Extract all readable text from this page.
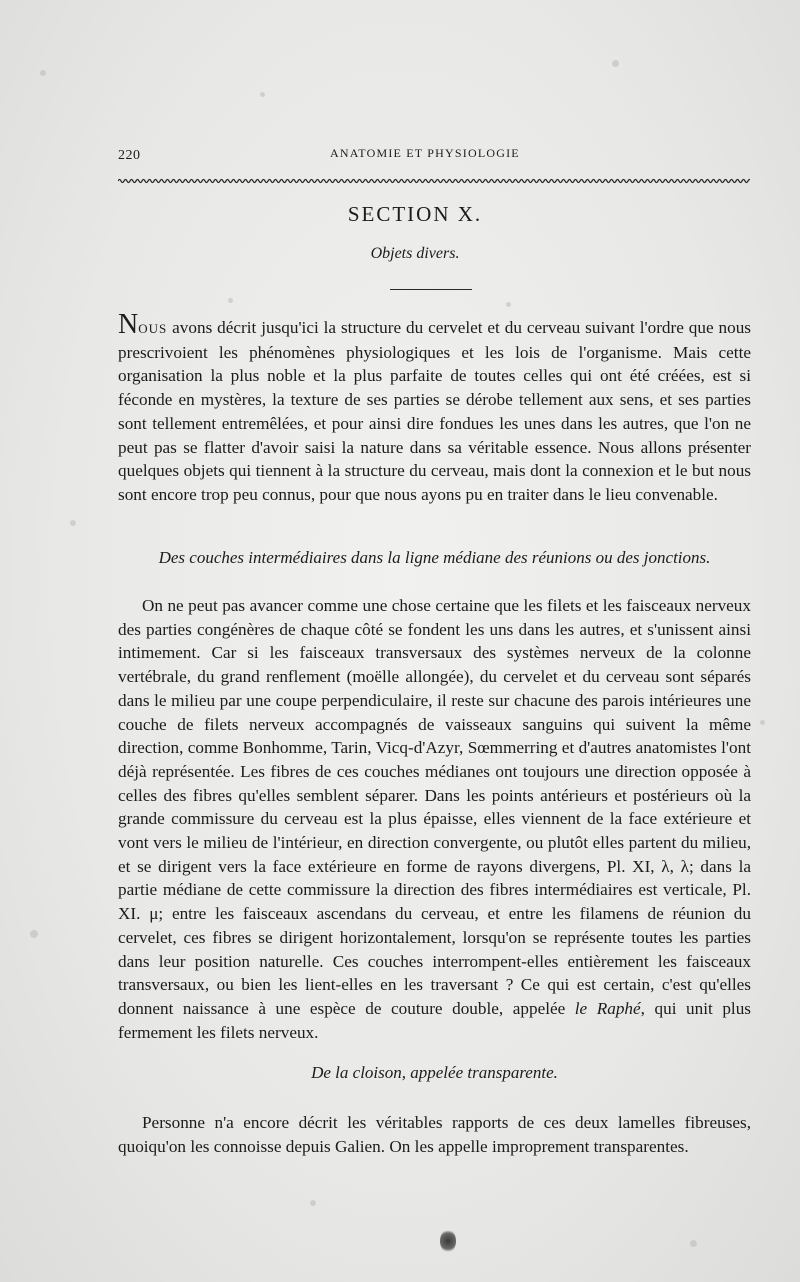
220	ANATOMIE ET PHYSIOLOGIE
SECTION X.
Objets divers.

NOUS avons décrit jusqu'ici la structure du cervelet et du cerveau suivant l'ordre que nous prescrivoient les phénomènes physiologiques et les lois de l'organisme. Mais cette organisation la plus noble et la plus parfaite de toutes celles qui ont été créées, est si féconde en mystères, la texture de ses parties se dérobe tellement aux sens, et ses parties sont tellement entremêlées, et pour ainsi dire fondues les unes dans les autres, que l'on ne peut pas se flatter d'avoir saisi la nature dans sa véritable essence. Nous allons présenter quelques objets qui tiennent à la structure du cerveau, mais dont la connexion et le but nous sont encore trop peu connus, pour que nous ayons pu en traiter dans le lieu convenable.

Des couches intermédiaires dans la ligne médiane des réunions ou des jonctions.

On ne peut pas avancer comme une chose certaine que les filets et les faisceaux nerveux des parties congénères de chaque côté se fondent les uns dans les autres, et s'unissent ainsi intimement. Car si les faisceaux transversaux des systèmes nerveux de la colonne vertébrale, du grand renflement (moëlle allongée), du cervelet et du cerveau sont séparés dans le milieu par une coupe perpendiculaire, il reste sur chacune des parois intérieures une couche de filets nerveux accompagnés de vaisseaux sanguins qui suivent la même direction, comme Bonhomme, Tarin, Vicq-d'Azyr, Sœmmerring et d'autres anatomistes l'ont déjà représentée. Les fibres de ces couches médianes ont toujours une direction opposée à celles des fibres qu'elles semblent séparer. Dans les points antérieurs et postérieurs où la grande commissure du cerveau est la plus épaisse, elles viennent de la face extérieure et vont vers le milieu de l'intérieur, en direction convergente, ou plutôt elles partent du milieu, et se dirigent vers la face extérieure en forme de rayons divergens, Pl. XI, λ, λ; dans la partie médiane de cette commissure la direction des fibres intermédiaires est verticale, Pl. XI. μ; entre les faisceaux ascendans du cerveau, et entre les filamens de réunion du cervelet, ces fibres se dirigent horizontalement, lorsqu'on se représente toutes les parties dans leur position naturelle. Ces couches interrompent-elles entièrement les faisceaux transversaux, ou bien les lient-elles en les traversant ? Ce qui est certain, c'est qu'elles donnent naissance à une espèce de couture double, appelée le Raphé, qui unit plus fermement les filets nerveux.

De la cloison, appelée transparente.

Personne n'a encore décrit les véritables rapports de ces deux lamelles fibreuses, quoiqu'on les connoisse depuis Galien. On les appelle improprement transparentes.
